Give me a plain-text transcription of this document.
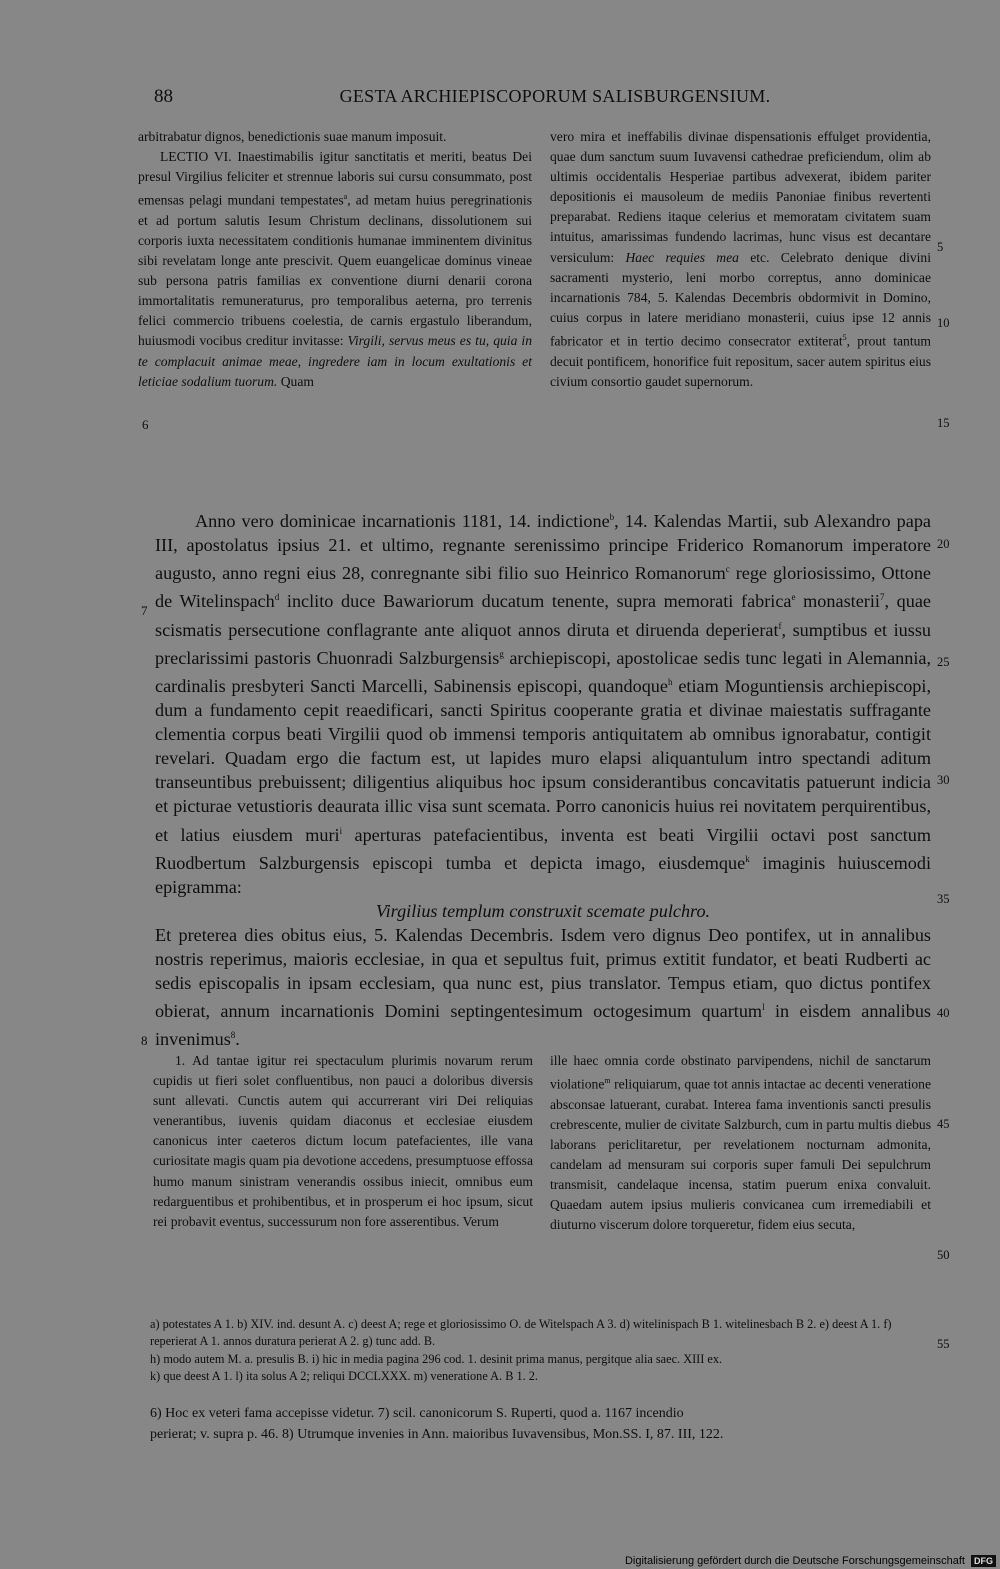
88	GESTA ARCHIEPISCOPORUM SALISBURGENSIUM.

arbitrabatur dignos, benedictionis suae manum imposuit.

LECTIO VI. Inaestimabilis igitur sanctitatis et meriti, beatus Dei presul Virgilius feliciter et strennue laboris sui cursu consummato, post emensas pelagi mundani tempestates$^a$, ad metam huius peregrinationis et ad portum salutis Iesum Christum declinans, dissolutionem sui corporis iuxta necessitatem conditionis humanae imminentem divinitus sibi revelatam longe ante prescivit. Quem euangelicae dominus vineae sub persona patris familias ex conventione diurni denarii corona immortalitatis remuneraturus, pro temporalibus aeterna, pro terrenis felici commercio tribuens coelestia, de carnis ergastulo liberandum, huiusmodi vocibus creditur invitasse: Virgili, servus meus es tu, quia in te complacuit animae meae, ingredere iam in locum exultationis et leticiae sodalium tuorum. Quam

vero mira et ineffabilis divinae dispensationis effulget providentia, quae dum sanctum suum Iuvavensi cathedrae preficiendum, olim ab ultimis occidentalis Hesperiae partibus advexerat, ibidem pariter depositionis ei mausoleum de mediis Panoniae finibus revertenti preparabat. Rediens itaque celerius et memoratam civitatem suam intuitus, amarissimas fundendo lacrimas, hunc visus est decantare versiculum: Haec requies mea etc. Celebrato denique divini sacramenti mysterio, leni morbo correptus, anno dominicae incarnationis 784, 5. Kalendas Decembris obdormivit in Domino, cuius corpus in latere meridiano monasterii, cuius ipse 12 annis fabricator et in tertio decimo consecrator extiterat$^5$, prout tantum decuit pontificem, honorifice fuit repositum, sacer autem spiritus eius civium consortio gaudet supernorum.

Anno vero dominicae incarnationis 1181, 14. indictione$^b$, 14. Kalendas Martii, sub Alexandro papa III, apostolatus ipsius 21. et ultimo, regnante serenissimo principe Friderico Romanorum imperatore augusto, anno regni eius 28, conregnante sibi filio suo Heinrico Romanorum$^c$ rege gloriosissimo, Ottone de Witelinspach$^d$ inclito duce Bawariorum ducatum tenente, supra memorati fabrica$^e$ monasterii$^7$, quae scismatis persecutione conflagrante ante aliquot annos diruta et diruenda deperierat$^f$, sumptibus et iussu preclarissimi pastoris Chuonradi Salzburgensis$^g$ archiepiscopi, apostolicae sedis tunc legati in Alemannia, cardinalis presbyteri Sancti Marcelli, Sabinensis episcopi, quandoque$^h$ etiam Moguntiensis archiepiscopi, dum a fundamento cepit reaedificari, sancti Spiritus cooperante gratia et divinae maiestatis suffragante clementia corpus beati Virgilii quod ob immensi temporis antiquitatem ab omnibus ignorabatur, contigit revelari. Quadam ergo die factum est, ut lapides muro elapsi aliquantulum intro spectandi aditum transeuntibus prebuissent; diligentius aliquibus hoc ipsum considerantibus concavitatis patuerunt indicia et picturae vetustioris deaurata illic visa sunt scemata. Porro canonicis huius rei novitatem perquirentibus, et latius eiusdem muri$^i$ aperturas patefacientibus, inventa est beati Virgilii octavi post sanctum Ruodbertum Salzburgensis episcopi tumba et depicta imago, eiusdemque$^k$ imaginis huiuscemodi epigramma:

Virgilius templum construxit scemate pulchro.

Et preterea dies obitus eius, 5. Kalendas Decembris. Isdem vero dignus Deo pontifex, ut in annalibus nostris reperimus, maioris ecclesiae, in qua et sepultus fuit, primus extitit fundator, et beati Rudberti ac sedis episcopalis in ipsam ecclesiam, qua nunc est, pius translator. Tempus etiam, quo dictus pontifex obierat, annum incarnationis Domini septingentesimum octogesimum quartum$^l$ in eisdem annalibus invenimus$^8$.

1. Ad tantae igitur rei spectaculum plurimis novarum rerum cupidis ut fieri solet confluentibus, non pauci a doloribus diversis sunt allevati. Cunctis autem qui accurrerant viri Dei reliquias venerantibus, iuvenis quidam diaconus et ecclesiae eiusdem canonicus inter caeteros dictum locum patefacientes, ille vana curiositate magis quam pia devotione accedens, presumptuose effossa humo manum sinistram venerandis ossibus iniecit, omnibus eum redarguentibus et prohibentibus, et in prosperum ei hoc ipsum, sicut rei probavit eventus, successurum non fore asserentibus. Verum

ille haec omnia corde obstinato parvipendens, nichil de sanctarum violatione$^m$ reliquiarum, quae tot annis intactae ac decenti veneratione absconsae latuerant, curabat. Interea fama inventionis sancti presulis crebrescente, mulier de civitate Salzburch, cum in partu multis diebus laborans periclitaretur, per revelationem nocturnam admonita, candelam ad mensuram sui corporis super famuli Dei sepulchrum transmisit, candelaque incensa, statim puerum enixa convaluit. Quaedam autem ipsius mulieris convicanea cum irremediabili et diuturno viscerum dolore torqueretur, fidem eius secuta,

6
7
8
5
10
15
20
25
30
35
40
45
50
55

a) potestates A 1. b) XIV. ind. desunt A. c) deest A; rege et gloriosissimo O. de Witelspach A 3. d) witelinispach B 1. witelinesbach B 2. e) deest A 1. f) reperierat A 1. annos duratura perierat A 2. g) tunc add. B.

h) modo autem M. a. presulis B. i) hic in media pagina 296 cod. 1. desinit prima manus, pergitque alia saec. XIII ex.

k) que deest A 1. l) ita solus A 2; reliqui DCCLXXX. m) veneratione A. B 1. 2.

6) Hoc ex veteri fama accepisse videtur. 7) scil. canonicorum S. Ruperti, quod a. 1167 incendio

perierat; v. supra p. 46. 8) Utrumque invenies in Ann. maioribus Iuvavensibus, Mon.SS. I, 87. III, 122.

Digitalisierung gefördert durch die Deutsche Forschungsgemeinschaft DFG
